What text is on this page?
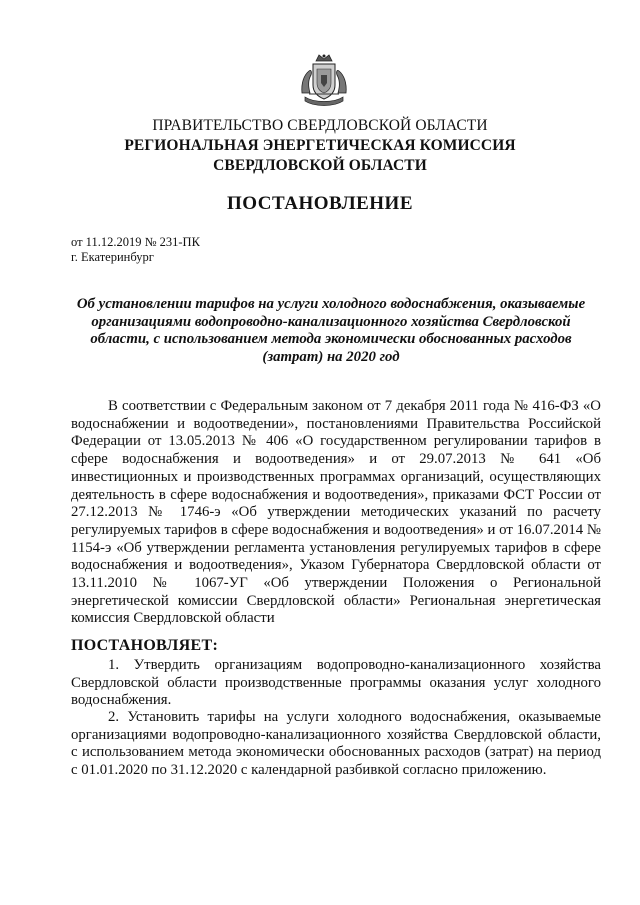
ПРАВИТЕЛЬСТВО СВЕРДЛОВСКОЙ ОБЛАСТИ
РЕГИОНАЛЬНАЯ ЭНЕРГЕТИЧЕСКАЯ КОМИССИЯ
СВЕРДЛОВСКОЙ ОБЛАСТИ
ПОСТАНОВЛЕНИЕ
от 11.12.2019 № 231-ПК
г. Екатеринбург
Об установлении тарифов на услуги холодного водоснабжения, оказываемые организациями водопроводно-канализационного хозяйства Свердловской области, с использованием метода экономически обоснованных расходов (затрат) на 2020 год
В соответствии с Федеральным законом от 7 декабря 2011 года № 416-ФЗ «О водоснабжении и водоотведении», постановлениями Правительства Российской Федерации от 13.05.2013 № 406 «О государственном регулировании тарифов в сфере водоснабжения и водоотведения» и от 29.07.2013 № 641 «Об инвестиционных и производственных программах организаций, осуществляющих деятельность в сфере водоснабжения и водоотведения», приказами ФСТ России от 27.12.2013 № 1746-э «Об утверждении методических указаний по расчету регулируемых тарифов в сфере водоснабжения и водоотведения» и от 16.07.2014 № 1154-э «Об утверждении регламента установления регулируемых тарифов в сфере водоснабжения и водоотведения», Указом Губернатора Свердловской области от 13.11.2010 № 1067-УГ «Об утверждении Положения о Региональной энергетической комиссии Свердловской области» Региональная энергетическая комиссия Свердловской области
ПОСТАНОВЛЯЕТ:
1. Утвердить организациям водопроводно-канализационного хозяйства Свердловской области производственные программы оказания услуг холодного водоснабжения.
2. Установить тарифы на услуги холодного водоснабжения, оказываемые организациями водопроводно-канализационного хозяйства Свердловской области, с использованием метода экономически обоснованных расходов (затрат) на период с 01.01.2020 по 31.12.2020 с календарной разбивкой согласно приложению.
